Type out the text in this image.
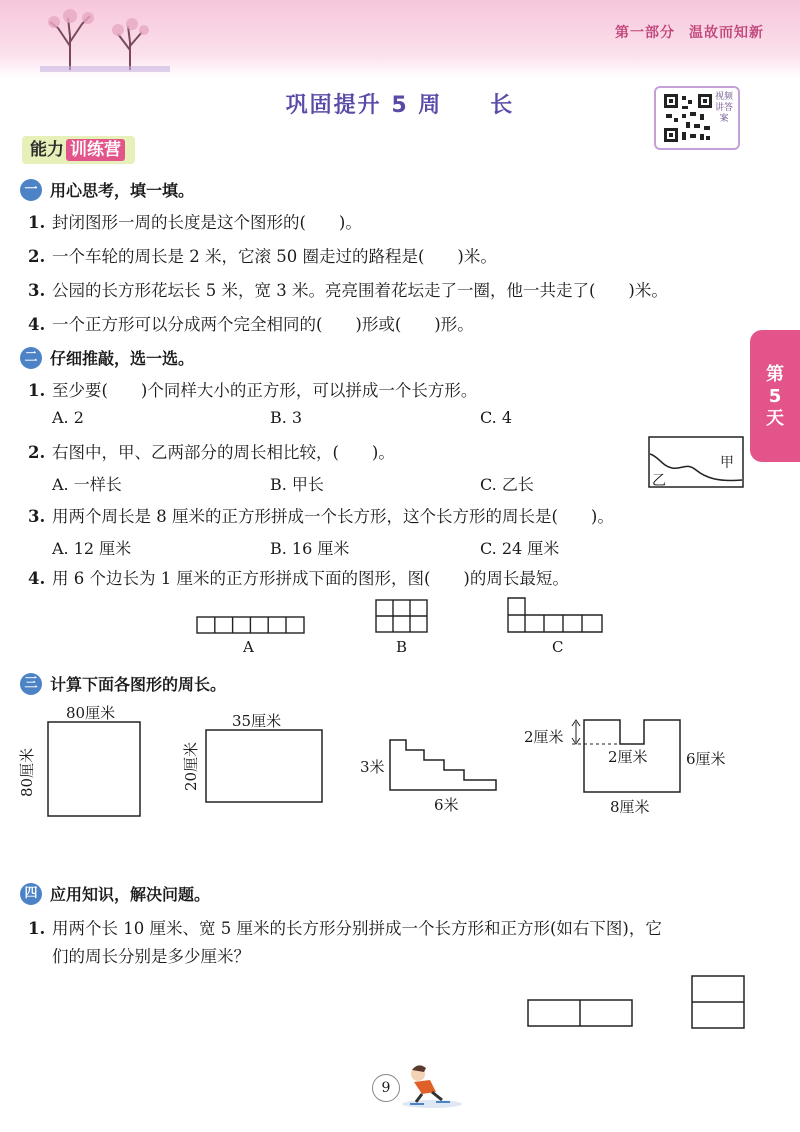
第一部分 温故而知新
巩固提升 5 周　　长	视频讲答案
能力 训练营
一 用心思考，填一填。
1. 封闭图形一周的长度是这个图形的(　　)。
2. 一个车轮的周长是 2 米，它滚 50 圈走过的路程是(　　)米。
3. 公园的长方形花坛长 5 米，宽 3 米。亮亮围着花坛走了一圈，他一共走了(　　)米。
4. 一个正方形可以分成两个完全相同的(　　)形或(　　)形。
第
5
天
二 仔细推敲，选一选。
1. 至少要(　　)个同样大小的正方形，可以拼成一个长方形。
A. 2	B. 3	C. 4
2. 右图中，甲、乙两部分的周长相比较，(　　)。
A. 一样长	B. 甲长	C. 乙长
甲
乙
3. 用两个周长是 8 厘米的正方形拼成一个长方形，这个长方形的周长是(　　)。
A. 12 厘米	B. 16 厘米	C. 24 厘米
4. 用 6 个边长为 1 厘米的正方形拼成下面的图形，图(　　)的周长最短。
A	B	C
三 计算下面各图形的周长。
80厘米
80厘米
35厘米
20厘米	3米
6米
2厘米
2厘米	6厘米
8厘米
四 应用知识，解决问题。
1. 用两个长 10 厘米、宽 5 厘米的长方形分别拼成一个长方形和正方形(如右下图)，它
们的周长分别是多少厘米？
9
